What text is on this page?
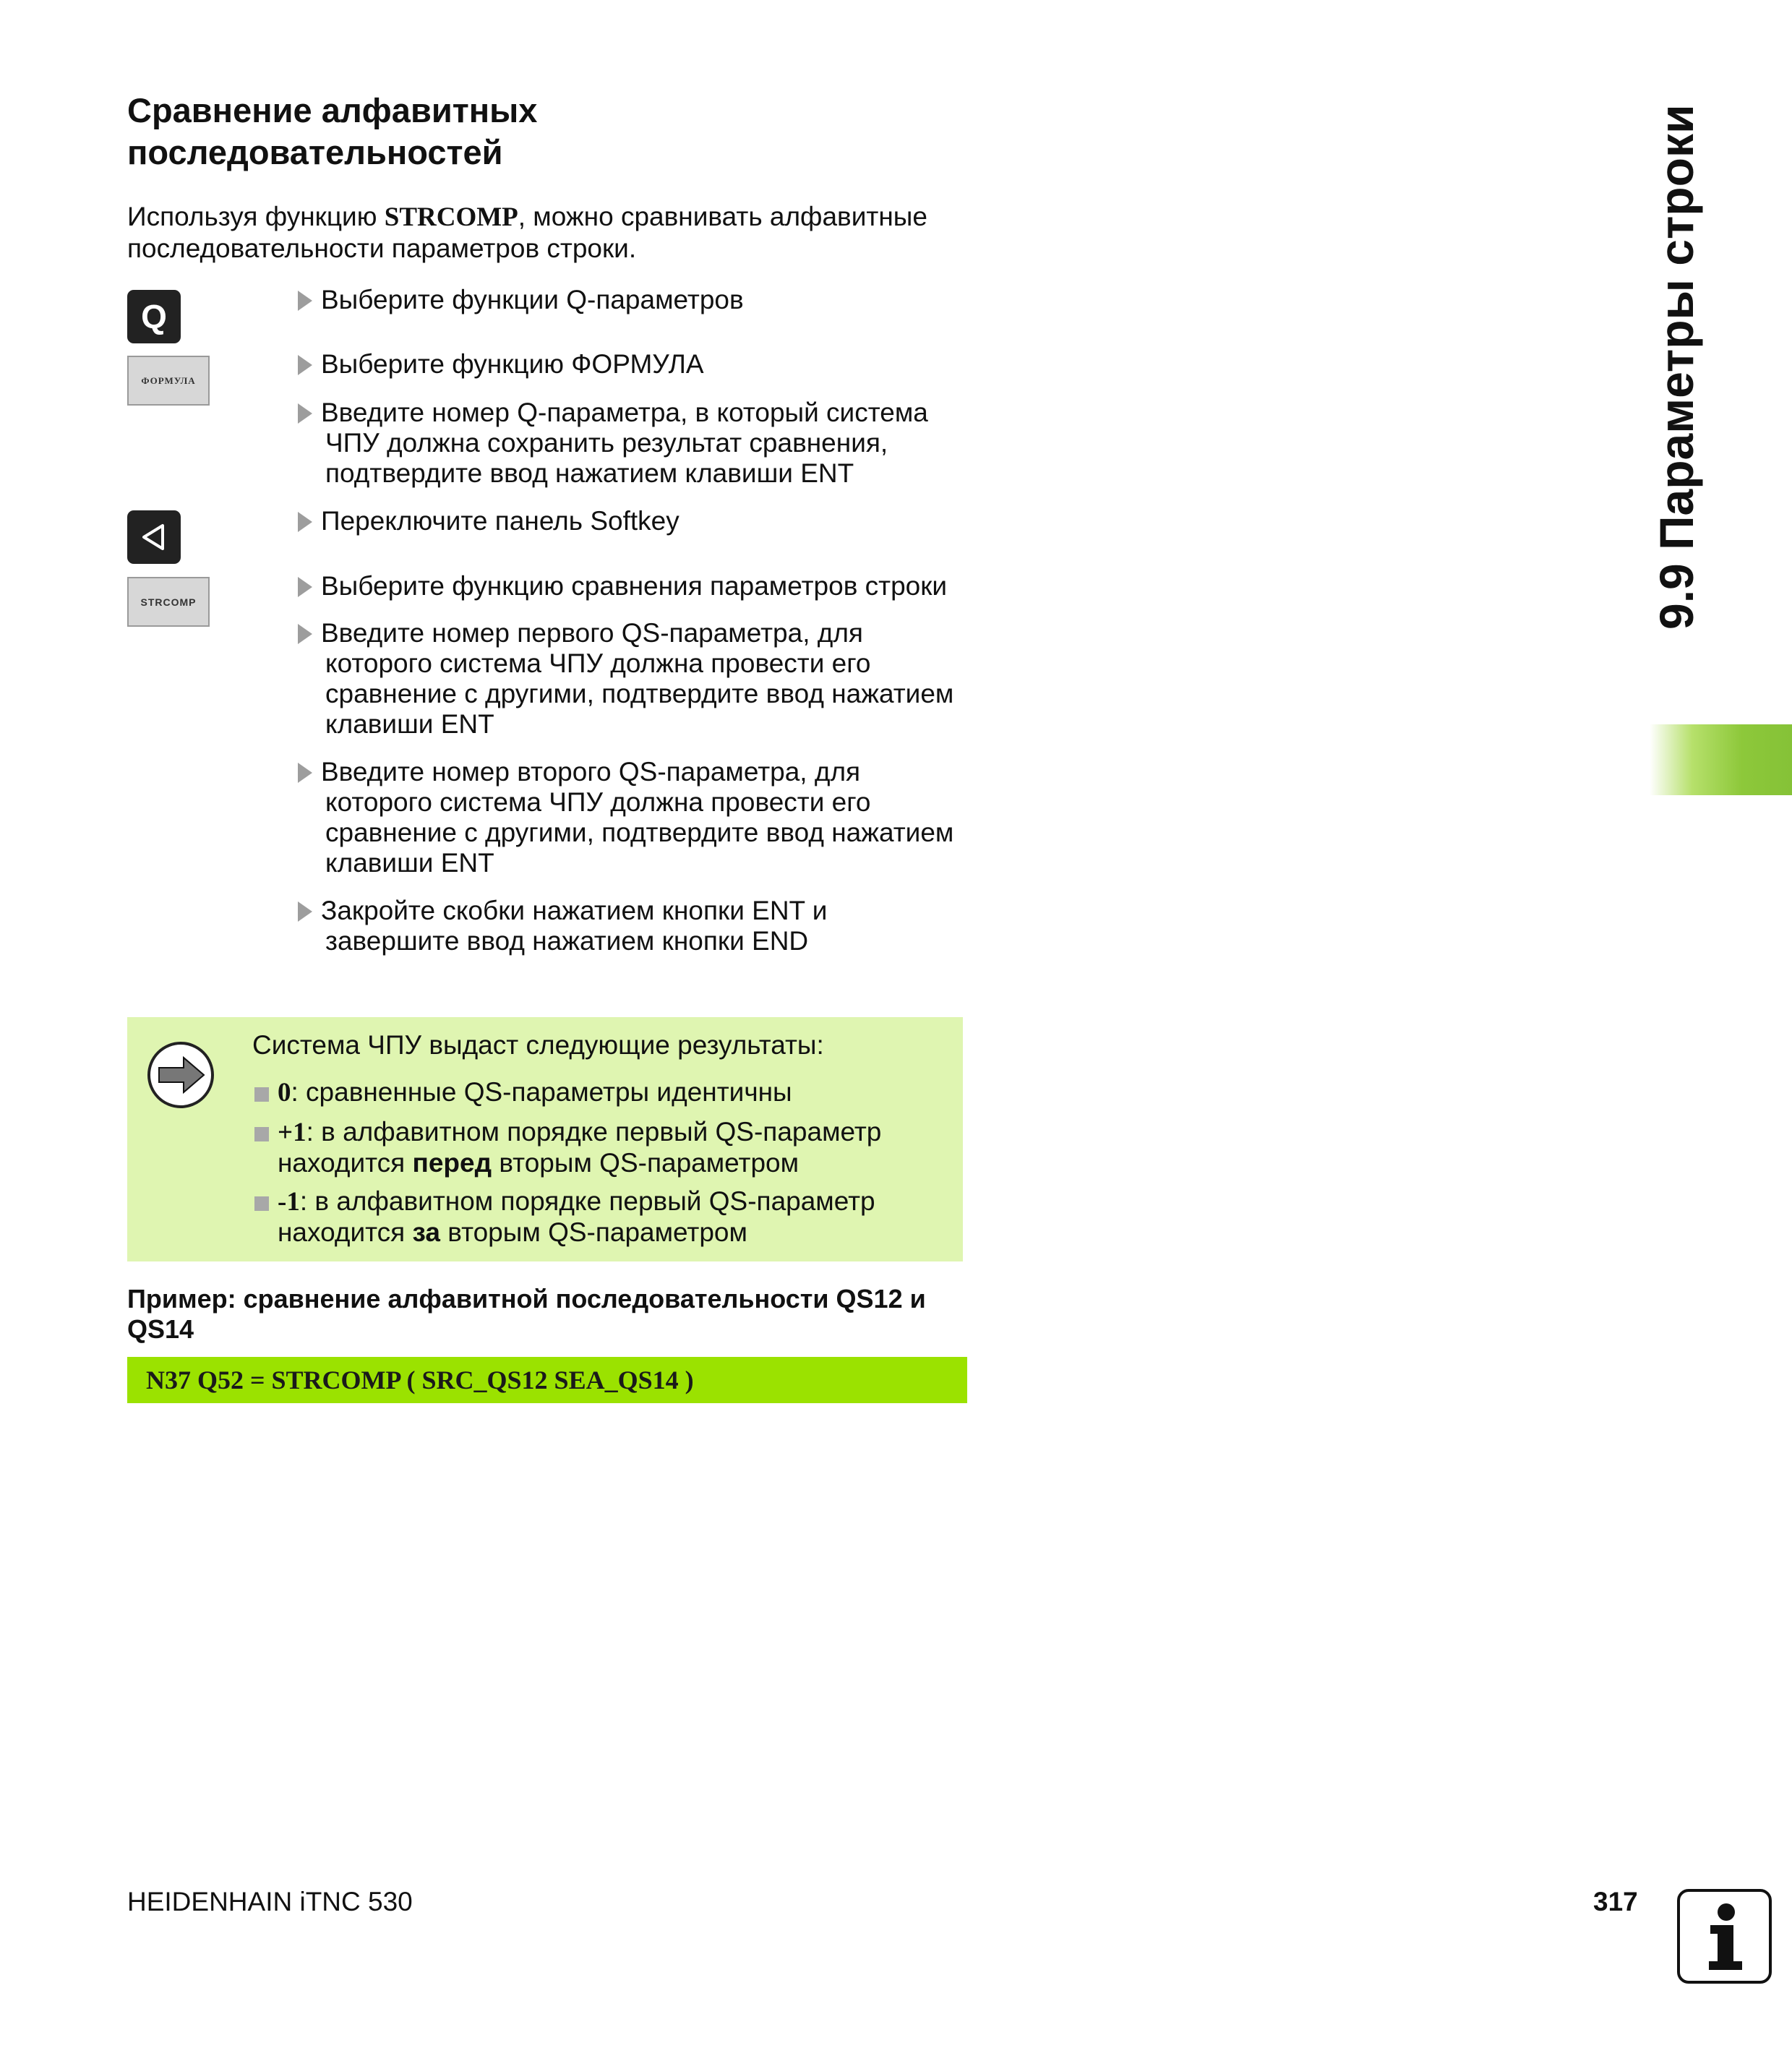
Сравнение алфавитных
последовательностей
Используя функцию STRCOMP, можно сравнивать алфавитные
последовательности параметров строки.
Q
ФОРМУЛА
STRCOMP
Выберите функции Q-параметров
Выберите функцию ФОРМУЛА
Введите номер Q-параметра, в который система
ЧПУ должна сохранить результат сравнения,
подтвердите ввод нажатием клавиши ENT
Переключите панель Softkey
Выберите функцию сравнения параметров строки
Введите номер первого QS-параметра, для
которого система ЧПУ должна провести его
сравнение с другими, подтвердите ввод нажатием
клавиши ENT
Введите номер второго QS-параметра, для
которого система ЧПУ должна провести его
сравнение с другими, подтвердите ввод нажатием
клавиши ENT
Закройте скобки нажатием кнопки ENT и
завершите ввод нажатием кнопки END
Система ЧПУ выдаст следующие результаты:
0: сравненные QS-параметры идентичны
+1: в алфавитном порядке первый QS-параметр
находится перед вторым QS-параметром
-1: в алфавитном порядке первый QS-параметр
находится за вторым QS-параметром
Пример: сравнение алфавитной последовательности QS12 и
QS14
N37 Q52 = STRCOMP ( SRC_QS12 SEA_QS14 )
9.9 Параметры строки
HEIDENHAIN iTNC 530	317
